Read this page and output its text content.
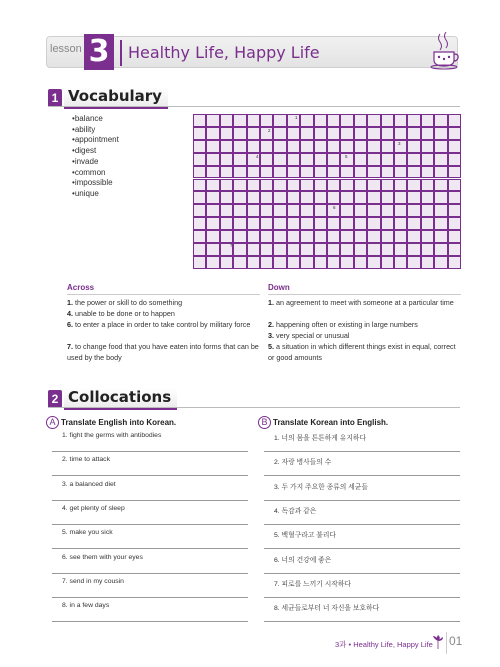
lesson 3	Healthy Life, Happy Life
1 Vocabulary
• balance
• ability
• appointment
• digest
• invade
• common
• impossible
• unique
1
2
3
4	5
6
7
Across	Down
1. the power or skill to do something
4. unable to be done or to happen
6. to enter a place in order to take control by military force
7. to change food that you have eaten into forms that can be used by the body
1. an agreement to meet with someone at a particular time
2. happening often or existing in large numbers
3. very special or unusual
5. a situation in which different things exist in equal, correct or good amounts
2 Collocations
A Translate English into Korean.	B Translate Korean into English.
1. fight the germs with antibodies
2. time to attack
3. a balanced diet
4. get plenty of sleep
5. make you sick
6. see them with your eyes
7. send in my cousin
8. in a few days
1. 너의 몸을 튼튼하게 유지하다
2. 자랑 병사들의 수
3. 두 가지 주요한 종류의 세균들
4. 독감과 같은
5. 백혈구라고 불리다
6. 너의 건강에 좋은
7. 피로를 느끼기 시작하다
8. 세균들로부터 너 자신을 보호하다
3과 • Healthy Life, Happy Life 01
